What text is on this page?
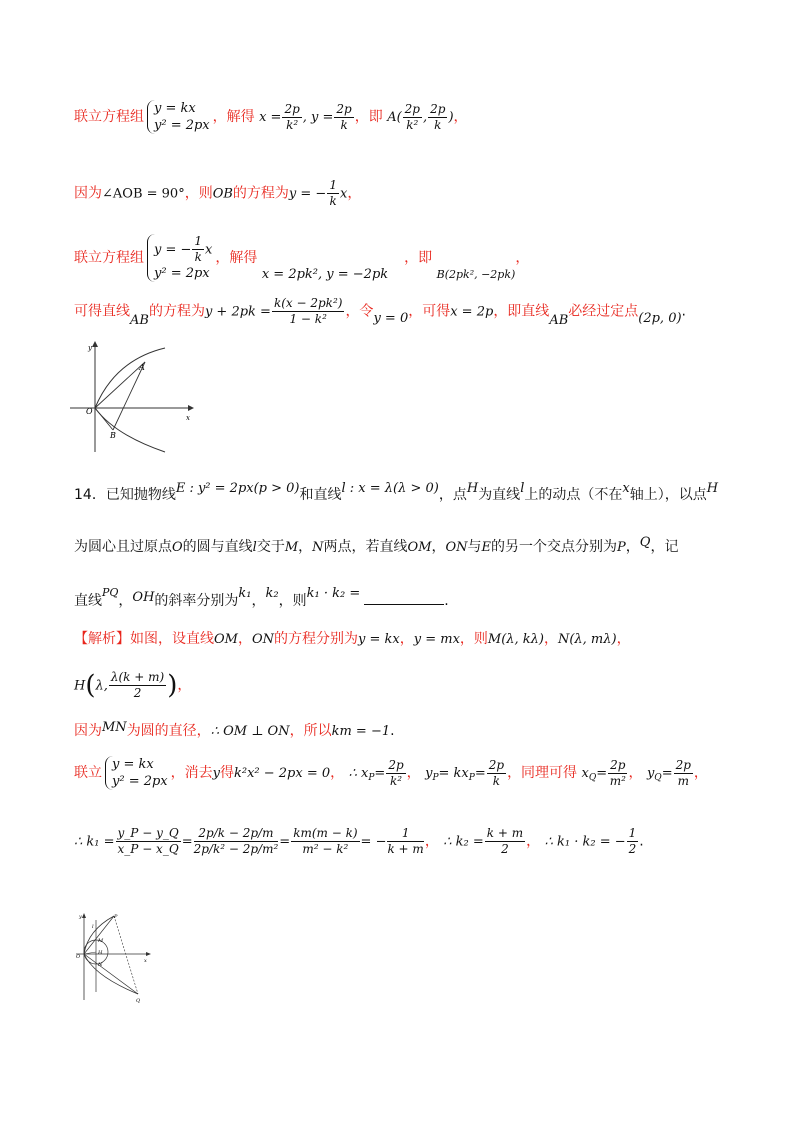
联立方程组
y = kx
y² = 2px
，解得 $x = \frac{2p}{\text{k²}}$ , $y = \frac{2p}{k}$ ，即 $A( \frac{2p}{\text{k²}}$ , $\frac{2p}{k}$ )，
因为∠AOB = 90°，则OB的方程为y = − $\frac{1}{k}$ x，
联立方程组 y = − $\frac{1}{k}$ x
y² = 2px
，解得 x = 2pk², y = −2pk，即 $_{B(2pk^2, -2pk)}$，
可得直线AB的方程为$y + 2pk = \frac{\text{k(x − 2pk²)}}{\text{1 − k²}}$ ，令y = 0，可得x = 2p，即直线AB必经过定点(2p, 0).
y
x
O
A
B
14．已知抛物线E : y² = 2px(p > 0)和直线l : x = λ(λ > 0)，点H为直线l上的动点（不在x轴上），以点H
为圆心且过原点O的圆与直线l交于M，N两点，若直线OM，ON与E的另一个交点分别为P，Q，记
直线$^{PQ}$，OH的斜率分别为k₁，k₂，则k₁ · k₂ =	.
【解析】如图，设直线OM，ON的方程分别为y = kx，y = mx，则M(λ, kλ)，N(λ, mλ)，
H(λ, $\frac{\lambda(k + m)}{2}$ )，
因为MN为圆的直径，∴ OM ⊥ ON，所以km = −1.
联立
y = kx
y² = 2px
，消去y得k²x² − 2px = 0， ∴ $x_P= \frac{2p}{\text{k²}}$ ， $y_P= kx_P= \frac{2p}{k}$ ，同理可得 $x_Q= \frac{2p}{\text{m²}}$ ， $y_Q= \frac{2p}{m}$ ，
∴ $k_1 = \frac{y\_P - y\_Q}{x\_P - x\_Q} = \frac{2p/k - 2p/m}{\text{2p/k² − 2p/m²}} = \frac{km(m - k)}{\text{m² − k²}}$ = − $\frac{1}{k + m}$ ， ∴ $k_2 = \frac{k + m}{2}$ ， ∴ k₁ · k₂ = − $\frac{1}{2}$ .
y
x
O
P
Q
M
H
N
l
